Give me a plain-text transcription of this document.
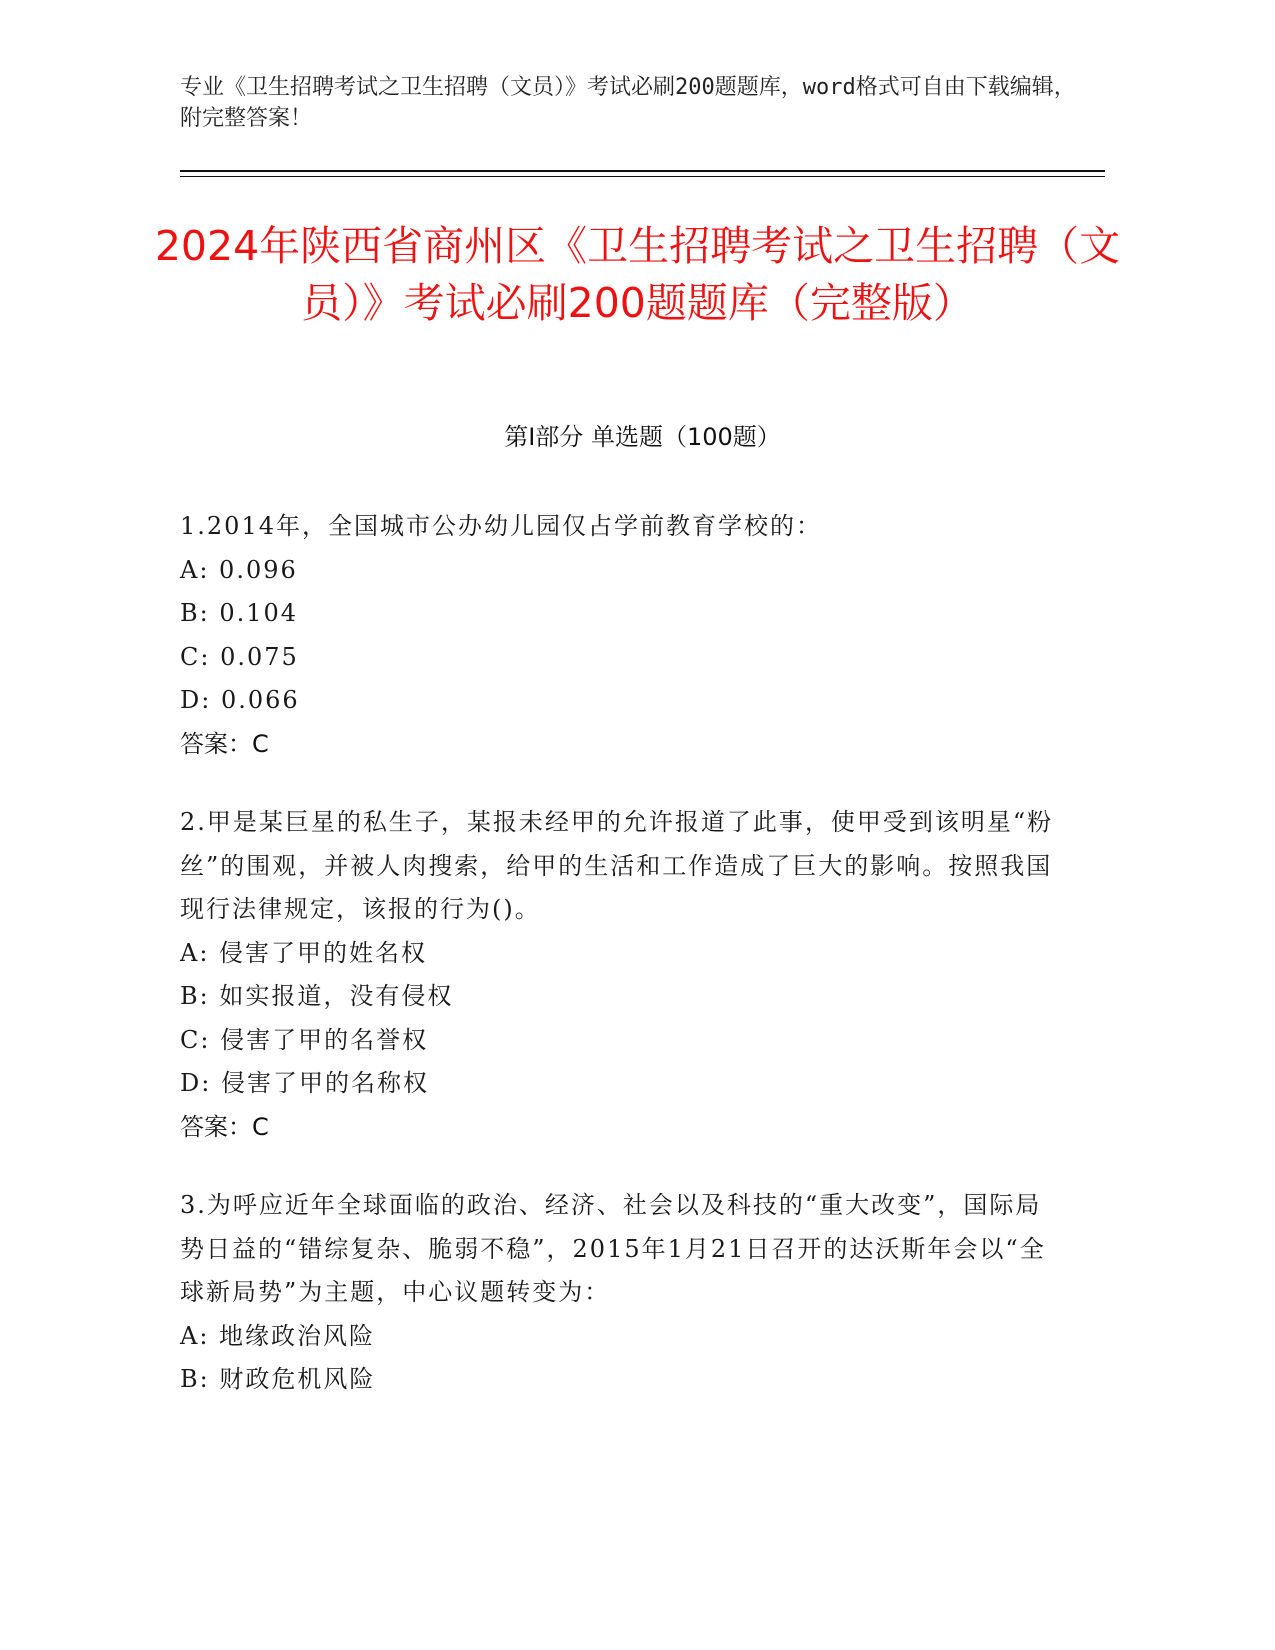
专业《卫生招聘考试之卫生招聘（文员）》考试必刷200题题库，word格式可自由下载编辑，附完整答案！
2024年陕西省商州区《卫生招聘考试之卫生招聘（文员）》考试必刷200题题库（完整版）
第I部分 单选题（100题）

1.2014年，全国城市公办幼儿园仅占学前教育学校的：

A: 0.096

B: 0.104

C: 0.075

D: 0.066

答案：C

2.甲是某巨星的私生子，某报未经甲的允许报道了此事，使甲受到该明星“粉丝”的围观，并被人肉搜索，给甲的生活和工作造成了巨大的影响。按照我国现行法律规定，该报的行为()。

A: 侵害了甲的姓名权

B: 如实报道，没有侵权

C: 侵害了甲的名誉权

D: 侵害了甲的名称权

答案：C

3.为呼应近年全球面临的政治、经济、社会以及科技的“重大改变”，国际局势日益的“错综复杂、脆弱不稳”，2015年1月21日召开的达沃斯年会以“全球新局势”为主题，中心议题转变为：

A: 地缘政治风险

B: 财政危机风险
